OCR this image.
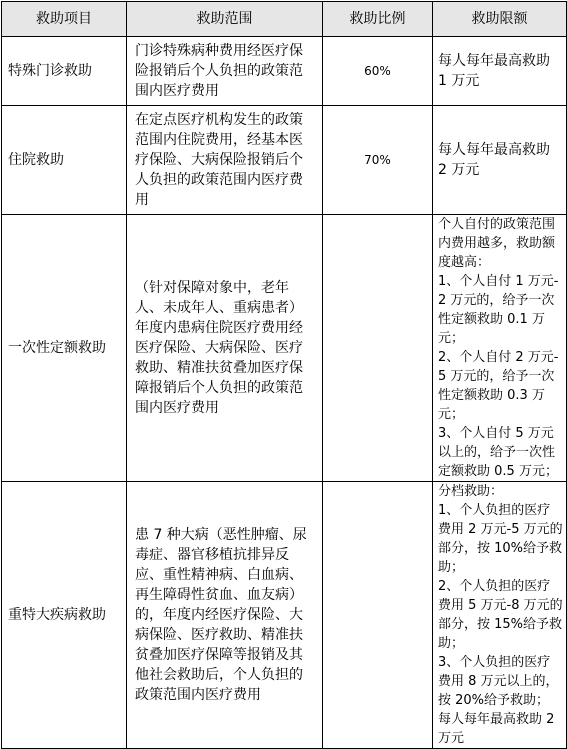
救助项目	救助范围	救助比例	救助限额
特殊门诊救助	门诊特殊病种费用经医疗保险报销后个人负担的政策范围内医疗费用	60%	每人每年最高救助 1 万元
住院救助	在定点医疗机构发生的政策范围内住院费用，经基本医疗保险、大病保险报销后个人负担的政策范围内医疗费用	70%	每人每年最高救助 2 万元
一次性定额救助	（针对保障对象中，老年人、未成年人、重病患者）年度内患病住院医疗费用经医疗保险、大病保险、医疗救助、精准扶贫叠加医疗保障报销后个人负担的政策范围内医疗费用		个人自付的政策范围内费用越多，救助额度越高：
1、个人自付 1 万元-2 万元的，给予一次性定额救助 0.1 万元；
2、个人自付 2 万元-5 万元的，给予一次性定额救助 0.3 万元；
3、个人自付 5 万元以上的，给予一次性定额救助 0.5 万元；

重特大疾病救助	患 7 种大病（恶性肿瘤、尿毒症、器官移植抗排异反应、重性精神病、白血病、再生障碍性贫血、血友病）的，年度内经医疗保险、大病保险、医疗救助、精准扶贫叠加医疗保障等报销及其他社会救助后，个人负担的政策范围内医疗费用		分档救助：
1、个人负担的医疗费用 2 万元-5 万元的部分，按 10%给予救助；
2、个人负担的医疗费用 5 万元-8 万元的部分，按 15%给予救助；
3、个人负担的医疗费用 8 万元以上的，按 20%给予救助；
每人每年最高救助 2 万元
